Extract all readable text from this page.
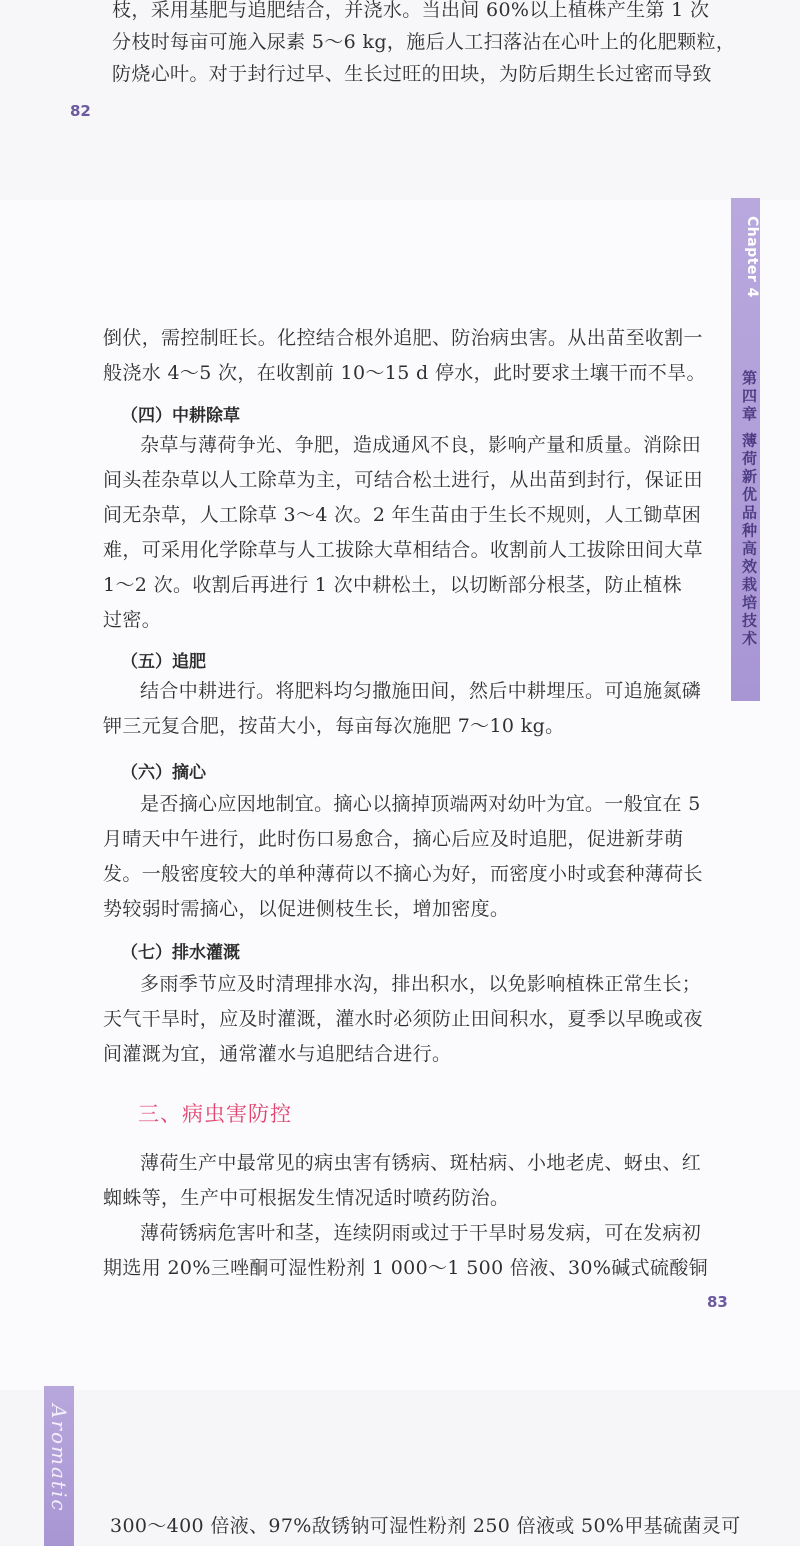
枝，采用基肥与追肥结合，并浇水。当出间 60%以上植株产生第 1 次
分枝时每亩可施入尿素 5～6 kg，施后人工扫落沾在心叶上的化肥颗粒，
防烧心叶。对于封行过早、生长过旺的田块，为防后期生长过密而导致
82
Chapter 4
第四章 薄荷新优品种高效栽培技术
倒伏，需控制旺长。化控结合根外追肥、防治病虫害。从出苗至收割一
般浇水 4～5 次，在收割前 10～15 d 停水，此时要求土壤干而不旱。
（四）中耕除草
杂草与薄荷争光、争肥，造成通风不良，影响产量和质量。消除田
间头茬杂草以人工除草为主，可结合松土进行，从出苗到封行，保证田
间无杂草，人工除草 3～4 次。2 年生苗由于生长不规则，人工锄草困
难，可采用化学除草与人工拔除大草相结合。收割前人工拔除田间大草
1～2 次。收割后再进行 1 次中耕松土，以切断部分根茎，防止植株
过密。
（五）追肥
结合中耕进行。将肥料均匀撒施田间，然后中耕埋压。可追施氮磷
钾三元复合肥，按苗大小，每亩每次施肥 7～10 kg。
（六）摘心
是否摘心应因地制宜。摘心以摘掉顶端两对幼叶为宜。一般宜在 5
月晴天中午进行，此时伤口易愈合，摘心后应及时追肥，促进新芽萌
发。一般密度较大的单种薄荷以不摘心为好，而密度小时或套种薄荷长
势较弱时需摘心，以促进侧枝生长，增加密度。
（七）排水灌溉
多雨季节应及时清理排水沟，排出积水，以免影响植株正常生长；
天气干旱时，应及时灌溉，灌水时必须防止田间积水，夏季以早晚或夜
间灌溉为宜，通常灌水与追肥结合进行。
三、病虫害防控
薄荷生产中最常见的病虫害有锈病、斑枯病、小地老虎、蚜虫、红
蜘蛛等，生产中可根据发生情况适时喷药防治。
薄荷锈病危害叶和茎，连续阴雨或过于干旱时易发病，可在发病初
期选用 20%三唑酮可湿性粉剂 1 000～1 500 倍液、30%碱式硫酸铜
83
Aromatic
300～400 倍液、97%敌锈钠可湿性粉剂 250 倍液或 50%甲基硫菌灵可
